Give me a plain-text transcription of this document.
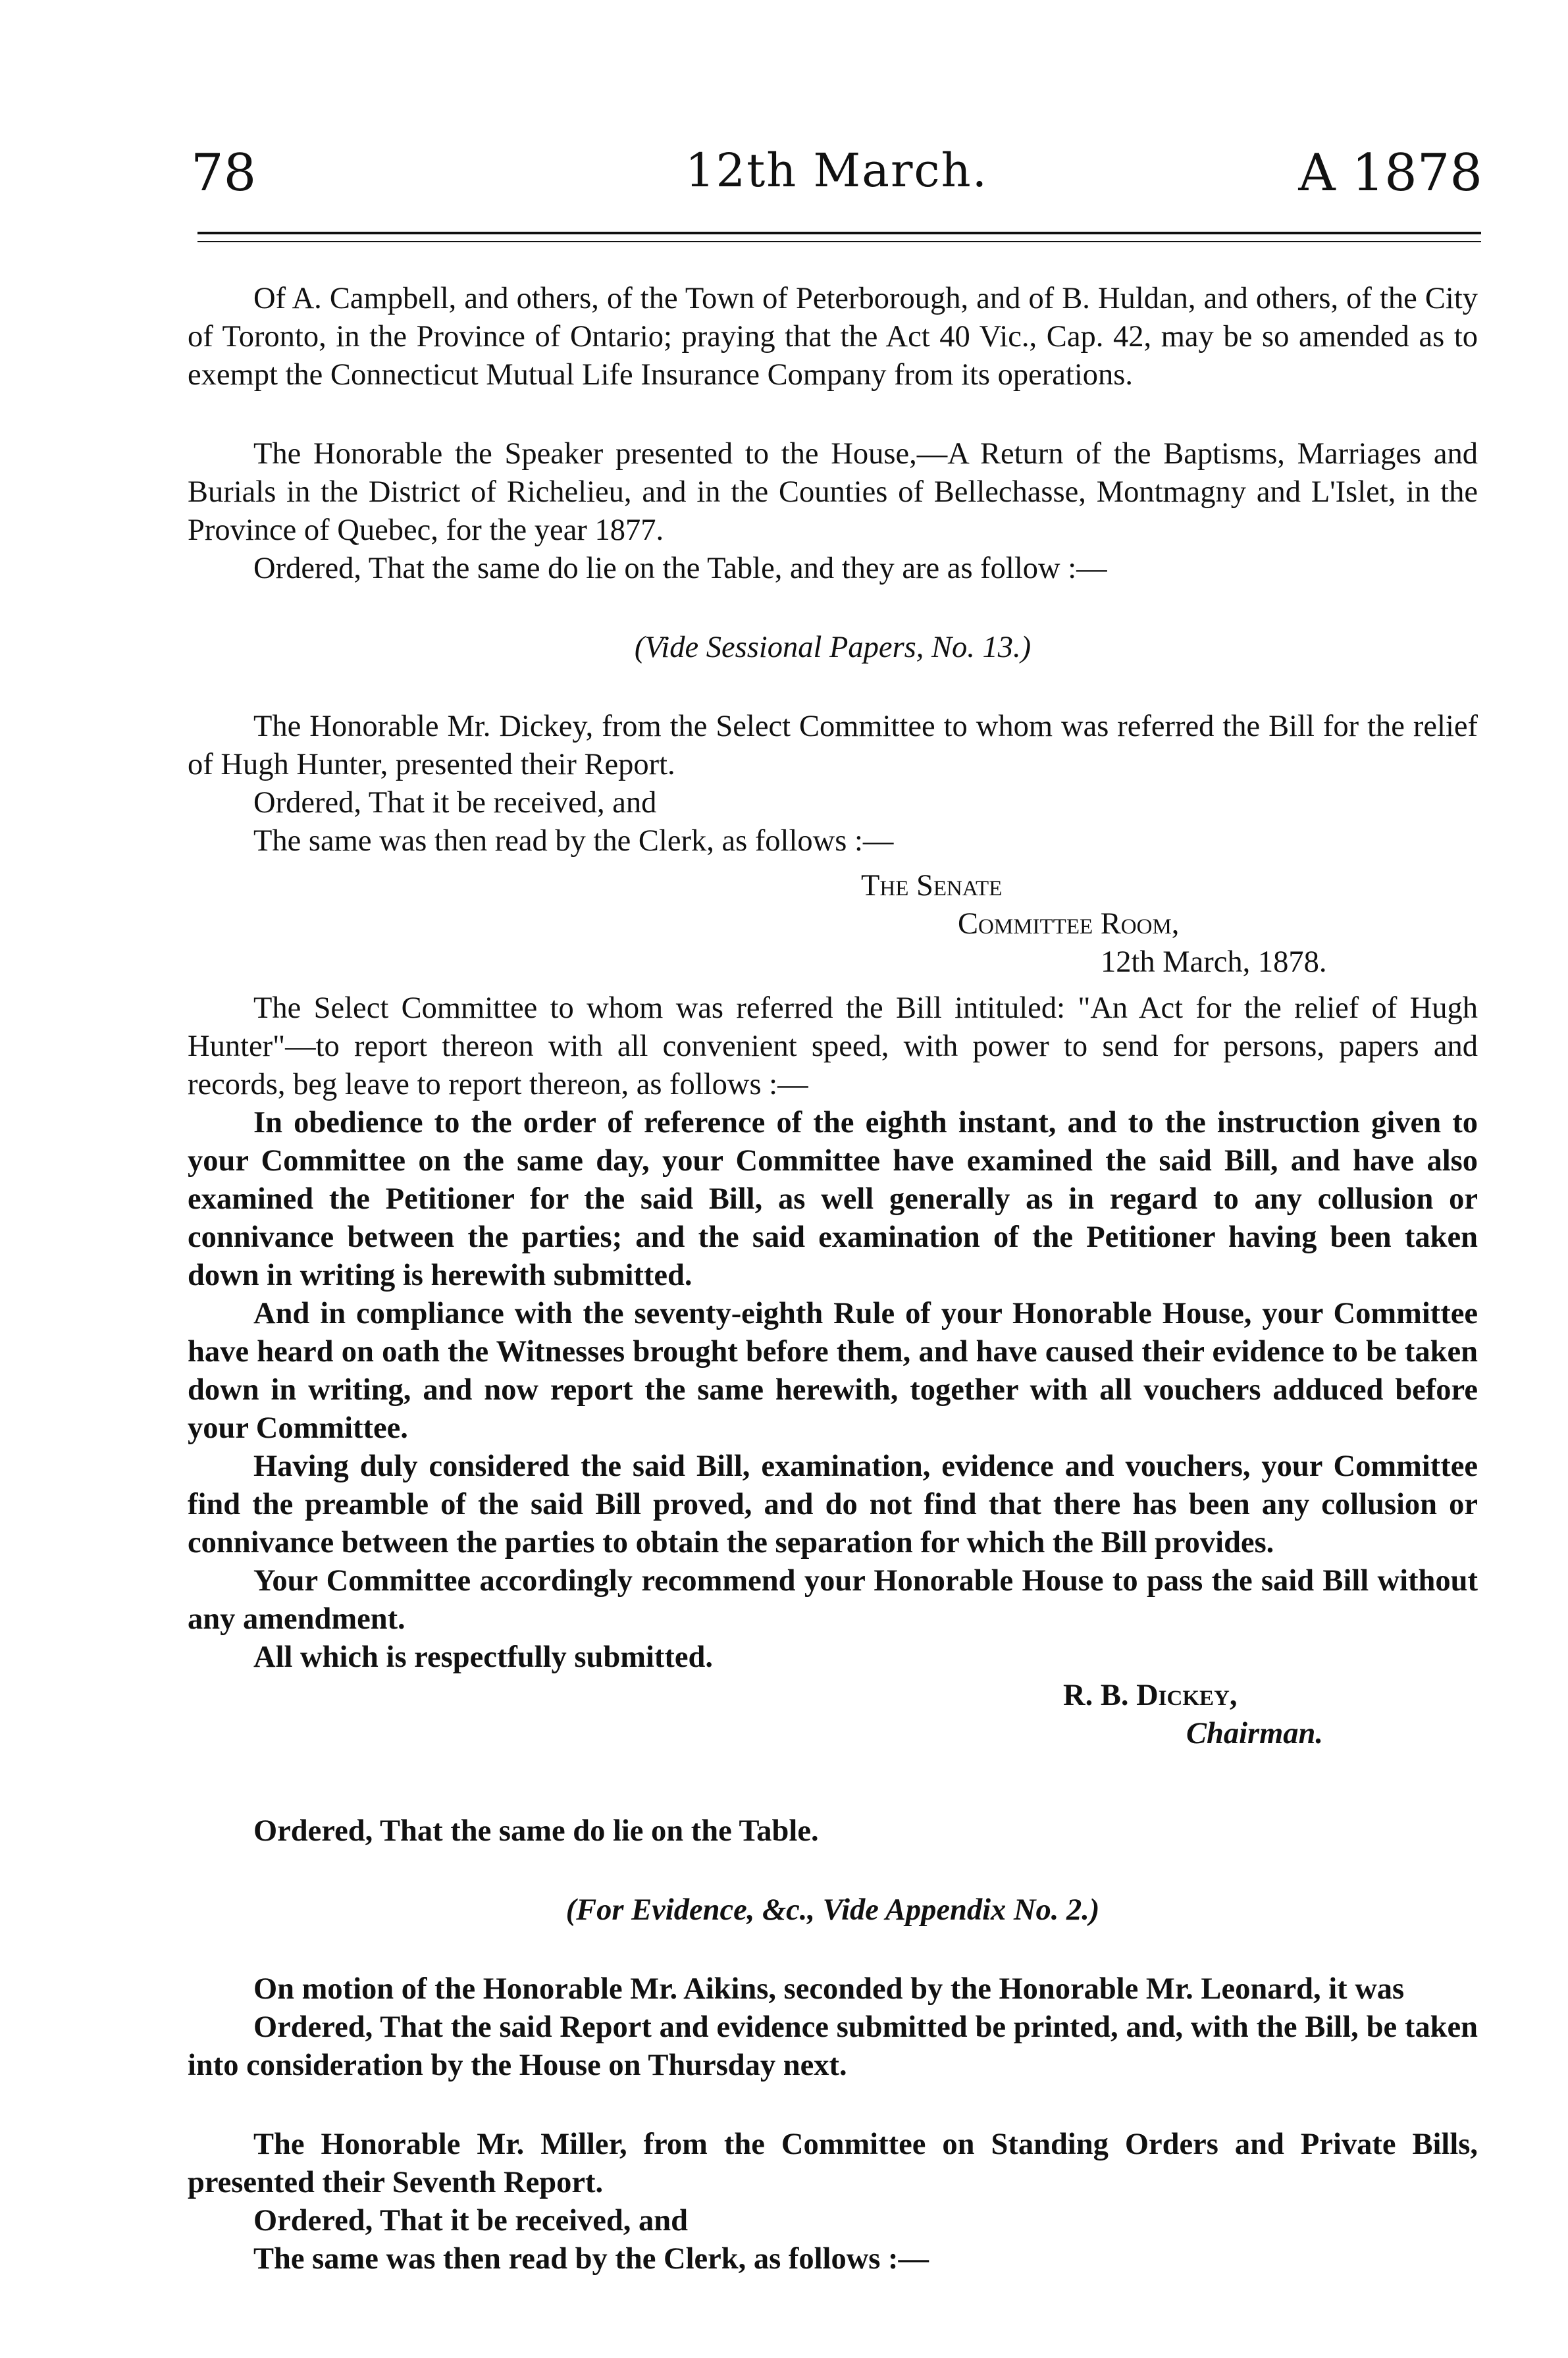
78	12th March.	A 1878

Of A. Campbell, and others, of the Town of Peterborough, and of B. Huldan, and others, of the City of Toronto, in the Province of Ontario; praying that the Act 40 Vic., Cap. 42, may be so amended as to exempt the Connecticut Mutual Life Insurance Company from its operations.

The Honorable the Speaker presented to the House,—A Return of the Baptisms, Marriages and Burials in the District of Richelieu, and in the Counties of Bellechasse, Montmagny and L'Islet, in the Province of Quebec, for the year 1877.

Ordered, That the same do lie on the Table, and they are as follow :—

(Vide Sessional Papers, No. 13.)

The Honorable Mr. Dickey, from the Select Committee to whom was referred the Bill for the relief of Hugh Hunter, presented their Report.

Ordered, That it be received, and

The same was then read by the Clerk, as follows :—

The Senate

Committee Room,

12th March, 1878.

The Select Committee to whom was referred the Bill intituled: "An Act for the relief of Hugh Hunter"—to report thereon with all convenient speed, with power to send for persons, papers and records, beg leave to report thereon, as follows :—

In obedience to the order of reference of the eighth instant, and to the instruction given to your Committee on the same day, your Committee have examined the said Bill, and have also examined the Petitioner for the said Bill, as well generally as in regard to any collusion or connivance between the parties; and the said examination of the Petitioner having been taken down in writing is herewith submitted.

And in compliance with the seventy-eighth Rule of your Honorable House, your Committee have heard on oath the Witnesses brought before them, and have caused their evidence to be taken down in writing, and now report the same herewith, together with all vouchers adduced before your Committee.

Having duly considered the said Bill, examination, evidence and vouchers, your Committee find the preamble of the said Bill proved, and do not find that there has been any collusion or connivance between the parties to obtain the separation for which the Bill provides.

Your Committee accordingly recommend your Honorable House to pass the said Bill without any amendment.

All which is respectfully submitted.

R. B. Dickey,

Chairman.

Ordered, That the same do lie on the Table.

(For Evidence, &c., Vide Appendix No. 2.)

On motion of the Honorable Mr. Aikins, seconded by the Honorable Mr. Leonard, it was

Ordered, That the said Report and evidence submitted be printed, and, with the Bill, be taken into consideration by the House on Thursday next.

The Honorable Mr. Miller, from the Committee on Standing Orders and Private Bills, presented their Seventh Report.

Ordered, That it be received, and

The same was then read by the Clerk, as follows :—
